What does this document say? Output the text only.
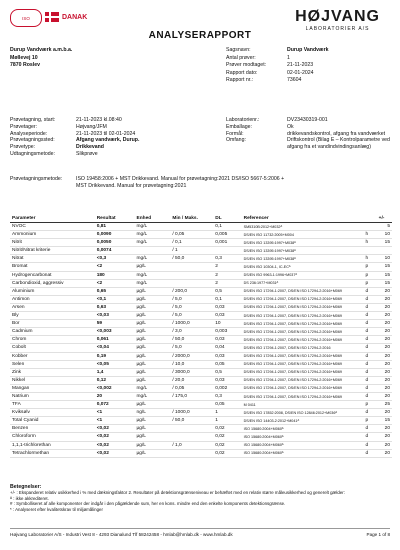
ISO	DANAK	HØJVANG
LABORATORIER A/S
ANALYSERAPPORT
Durup Vandværk a.m.b.a.
Møllevej 10
7870 Roslev
Sagsnavn:	Durup Vandværk
Antal prøver:	1
Prøver modtaget:	21-11-2023
Rapport dato:	02-01-2024
Rapport nr.:	73604
Prøvetagning, start:	21-11-2023 kl.08:40
Prøvetager:	Højvang/JFM
Analyseperiode:	21-11-2023 til 02-01-2024
Prøvetagningssted:	Afgang vandværk, Durup.
Prøvetype:	Drikkevand
Udtagningsmetode:	Slikprøve
Laboratorienr.:	DV23430319-001
Emballage:	Ok
Formål:	drikkevandskontrol, afgang fra vandværket
Omfang:	Driftskontrol (Bilag E – Kontrolparametre ved afgang fra et vandindvindingsanlæg)
Prøvetagningsmetode:	ISO 19458:2006 + MST Drikkevand. Manual for prøvetagning:2021 DS/ISO 5667-5:2006 + MST Drikkevand. Manual for prøvetagning:2021
Parameter	Resultat	Enhed	Min / Maks.	DL	Referencer		+/-
NVOC	0,81	mg/L		0,1	SM5310B:2012+M032ᴬ		5
Ammonium	0,0090	mg/L	/ 0,05	0,005	DS/EN ISO 11732:2005+M004	h	10
Nitrit	0,0050	mg/L	/ 0,1	0,001	DS/EN ISO 13395:1997+M038ᴬ	h	15
Nitrit/Nitrat kriterie	0,0074		/ 1		DS/EN ISO 13395:1997+M038ᴬ		
Nitrat	<0,3	mg/L	/ 50,0	0,3	DS/EN ISO 13395:1997+M038ᴬ	h	10
Bromat	<2	µg/L		2	DS/EN ISO 10304-1, IC-ECᴬ	p	15
Hydrogencarbonat	180	mg/L		2	DS/EN ISO 9963-1:1996+M037ᴬ	p	15
Carbondioxid, aggressiv	<2	mg/L		2	DS 236:1977+M031ᴬ	p	15
Aluminium	0,65	µg/L	/ 200,0	0,5	DS/EN ISO 17294-1:2007, DS/EN ISO 17294-2:2016+M069	d	20
Antimon	<0,1	µg/L	/ 5,0	0,1	DS/EN ISO 17294-1:2007, DS/EN ISO 17294-2:2016+M069	d	20
Arsen	0,63	µg/L	/ 5,0	0,03	DS/EN ISO 17294-1:2007, DS/EN ISO 17294-2:2016+M069	d	20
Bly	<0,03	µg/L	/ 5,0	0,03	DS/EN ISO 17294-1:2007, DS/EN ISO 17294-2:2016+M069	d	20
Bor	59	µg/L	/ 1000,0	10	DS/EN ISO 17294-1:2007, DS/EN ISO 17294-2:2016+M069	d	20
Cadmium	<0,003	µg/L	/ 3,0	0,003	DS/EN ISO 17294-1:2007, DS/EN ISO 17294-2:2016+M069	d	20
Chrom	0,061	µg/L	/ 50,0	0,03	DS/EN ISO 17294-1:2007, DS/EN ISO 17294-2:2016+M069	d	20
Cobolt	<0,04	µg/L	/ 5,0	0,04	DS/EN ISO 17294-1:2007, DS/EN ISO 17294-2:2016	d	20
Kobber	0,19	µg/L	/ 2000,0	0,03	DS/EN ISO 17294-1:2007, DS/EN ISO 17294-2:2016+M069	d	20
Selen	<0,05	µg/L	/ 10,0	0,05	DS/EN ISO 17294-1:2007, DS/EN ISO 17294-2:2016+M069	d	20
Zink	1,4	µg/L	/ 3000,0	0,5	DS/EN ISO 17294-1:2007, DS/EN ISO 17294-2:2016+M069	d	20
Nikkel	0,12	µg/L	/ 20,0	0,03	DS/EN ISO 17294-1:2007, DS/EN ISO 17294-2:2016+M069	d	20
Mangan	<0,002	mg/L	/ 0,05	0,002	DS/EN ISO 17294-1:2007, DS/EN ISO 17294-2:2016+M069	d	20
Natrium	20	mg/L	/ 175,0	0,3	DS/EN ISO 17294-1:2007, DS/EN ISO 17294-2:2016+M069	d	20
TFA	0,072	µg/L		0,05	M 0411	p	25
Kviksølv	<1	ng/L	/ 1000,0	1	DS/EN ISO 17852:2008, DS/EN ISO 12846:2012+M036ᴬ	d	20
Total Cyanid	<1	µg/L	/ 50,0	1	DS/EN ISO 14403-2:2012+M041ᴬ	p	15
Benzen	<0,02	µg/L		0,02	ISO 15680:2004+M060ᴬ	d	20
Chloroform	<0,02	µg/L		0,02	ISO 15680:2004+M060ᴬ	d	20
1,1,1-trichlorethan	<0,02	µg/L	/ 1,0	0,02	ISO 15680:2004+M060ᴬ	d	20
Tetrachlormethan	<0,02	µg/L		0,02	ISO 15680:2004+M060ᴬ	d	20
Betegnelser:
+/- : Ekspanderet relativ usikkerhed i % med dækningsfaktor 2. Resultater på detektionsgrænseniveau er behæftet med en relativ større måleusikkerhed og generelt gælder:
ᴬ : ikke akkrediteret.
# : Symbolliseret af alle komponenter der indgår i den pågældende sum, her en kons. mindre end den enkelte komponents detektionsgrænse.
* : Analyseret efter kvalitetskrav til miljømålinger
Højvang Laboratorier A/S - Industri Vest 8 - 4293 Dianalund Tlf 58242458 - hmlab@hmlab.dk - www.hmlab.dk	Page 1 of 8
